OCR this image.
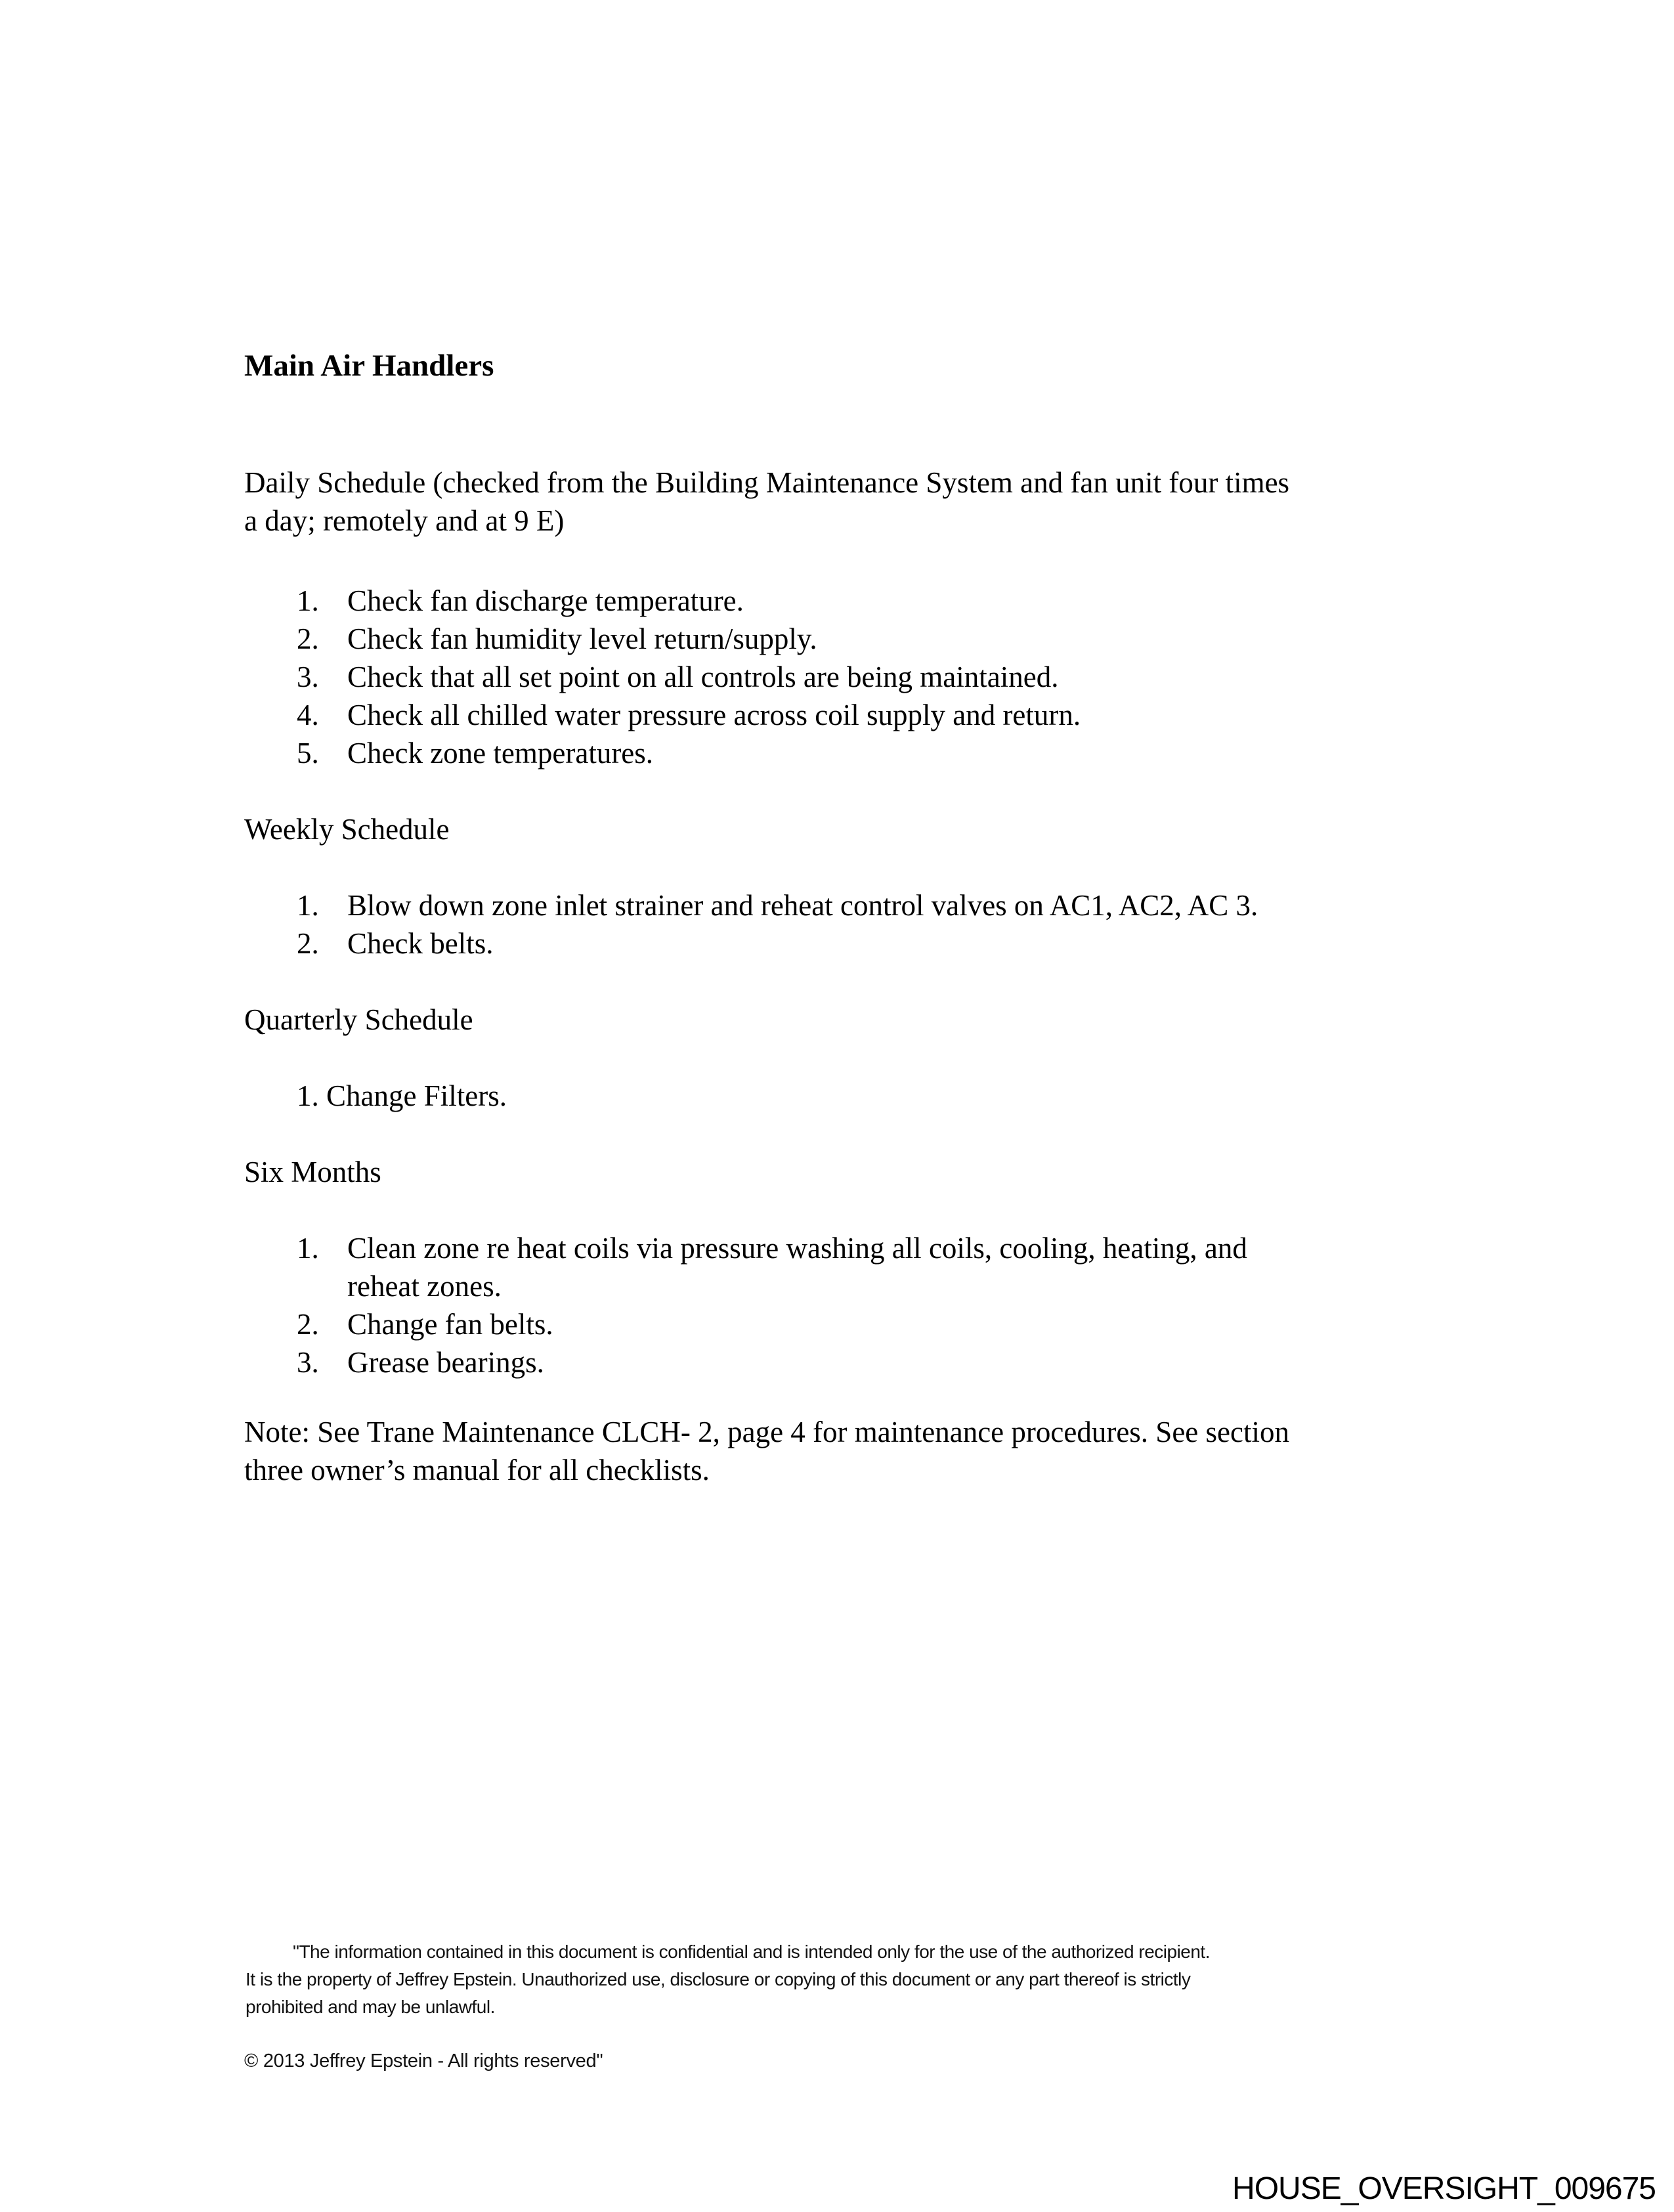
Main Air Handlers
Daily Schedule (checked from the Building Maintenance System and fan unit four times
a day; remotely and at 9 E)
1. Check fan discharge temperature.
2. Check fan humidity level return/supply.
3. Check that all set point on all controls are being maintained.
4. Check all chilled water pressure across coil supply and return.
5. Check zone temperatures.
Weekly Schedule
1. Blow down zone inlet strainer and reheat control valves on AC1, AC2, AC 3.
2. Check belts.
Quarterly Schedule
1. Change Filters.
Six Months
1. Clean zone re heat coils via pressure washing all coils, cooling, heating, and
reheat zones.
2. Change fan belts.
3. Grease bearings.
Note: See Trane Maintenance CLCH- 2, page 4 for maintenance procedures. See section
three owner’s manual for all checklists.
"The information contained in this document is confidential and is intended only for the use of the authorized recipient.
It is the property of Jeffrey Epstein. Unauthorized use, disclosure or copying of this document or any part thereof is strictly
prohibited and may be unlawful.
© 2013 Jeffrey Epstein - All rights reserved"
HOUSE_OVERSIGHT_009675
